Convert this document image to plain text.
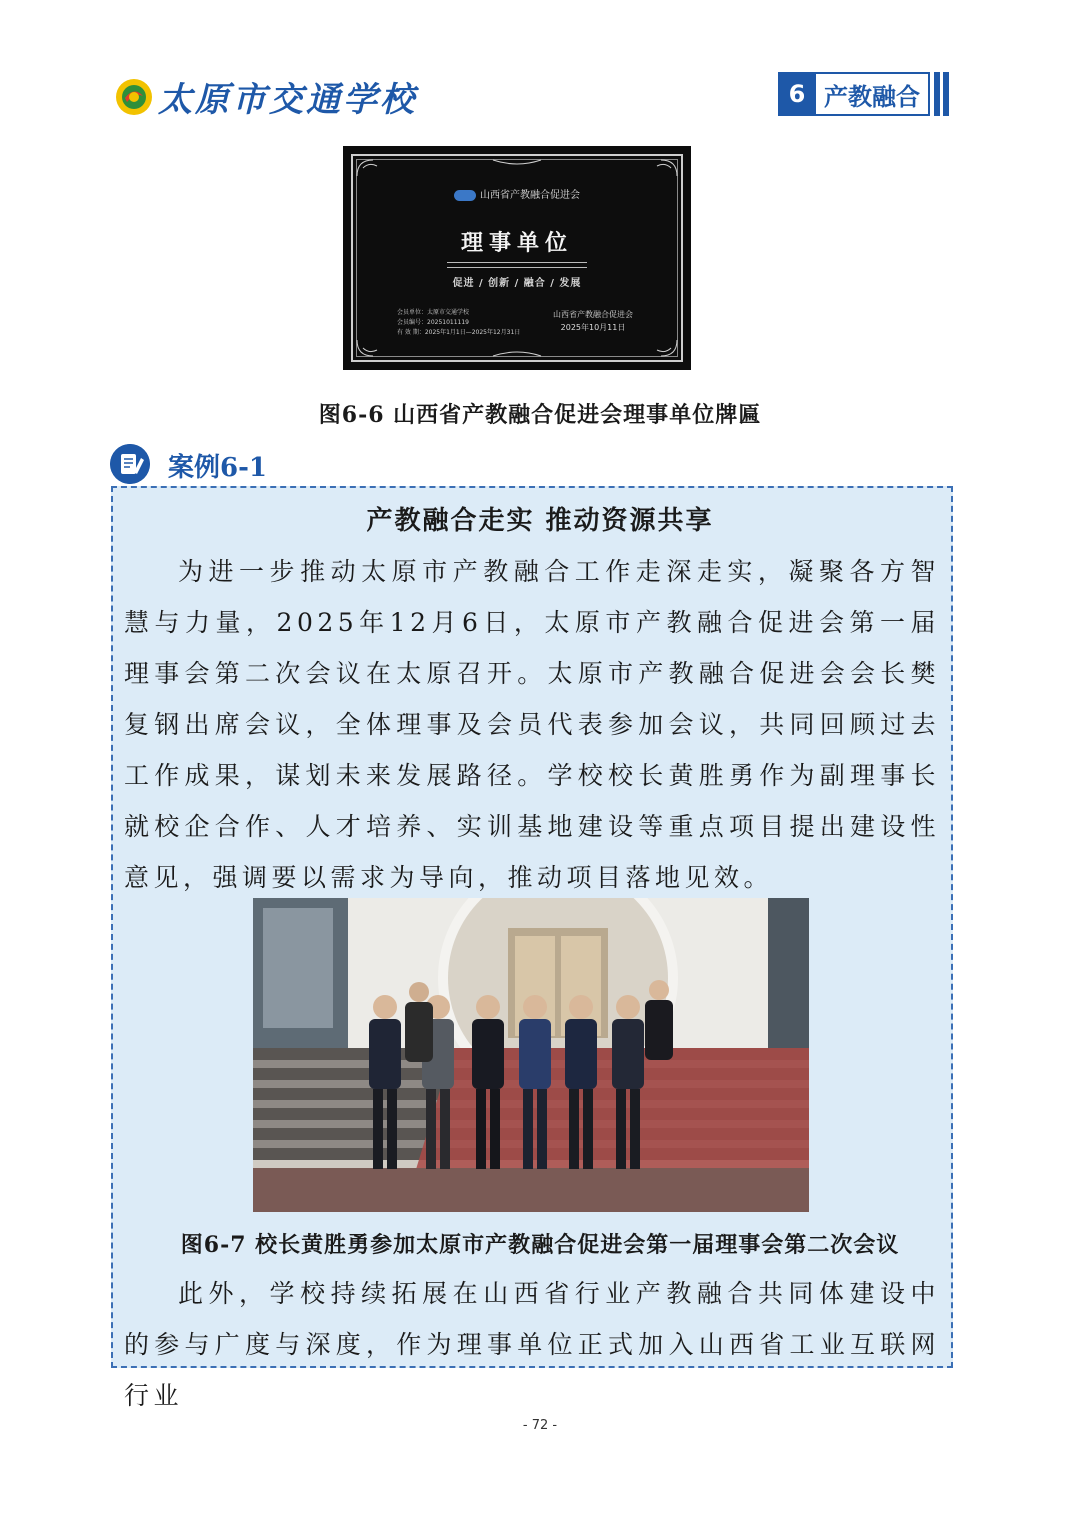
太原市交通学校	6 产教融合
山西省产教融合促进会
理事单位
促进 / 创新 / 融合 / 发展
会员单位：太原市交通学校
会员编号：20251011119
有 效 期：2025年1月1日—2025年12月31日
山西省产教融合促进会
2025年10月11日
图6-6 山西省产教融合促进会理事单位牌匾
案例6-1
产教融合走实 推动资源共享
为进一步推动太原市产教融合工作走深走实，凝聚各方智慧与力量，2025年12月6日，太原市产教融合促进会第一届理事会第二次会议在太原召开。太原市产教融合促进会会长樊复钢出席会议，全体理事及会员代表参加会议，共同回顾过去工作成果，谋划未来发展路径。学校校长黄胜勇作为副理事长就校企合作、人才培养、实训基地建设等重点项目提出建设性意见，强调要以需求为导向，推动项目落地见效。
图6-7 校长黄胜勇参加太原市产教融合促进会第一届理事会第二次会议
此外，学校持续拓展在山西省行业产教融合共同体建设中的参与广度与深度，作为理事单位正式加入山西省工业互联网行业
- 72 -
